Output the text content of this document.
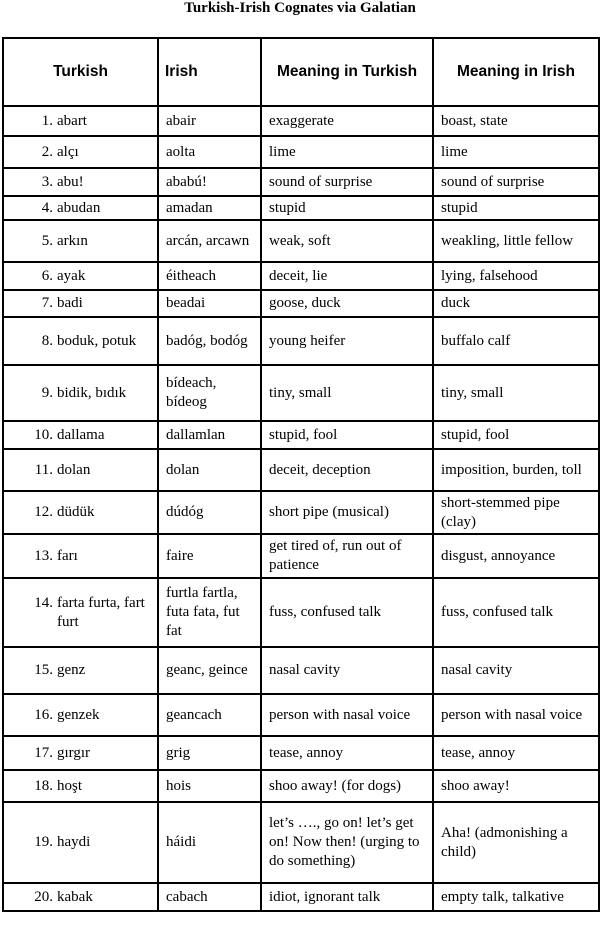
Turkish-Irish Cognates via Galatian
Turkish	Irish	Meaning in Turkish	Meaning in Irish

1. abart	abair	exaggerate	boast, state

2. alçı	aolta	lime	lime

3. abu!	ababú!	sound of surprise	sound of surprise

4. abudan	amadan	stupid	stupid

5. arkın	arcán, arcawn	weak, soft	weakling, little fellow

6. ayak	éitheach	deceit, lie	lying, falsehood

7. badi	beadai	goose, duck	duck

8. boduk, potuk	badóg, bodóg	young heifer	buffalo calf

9. bidik, bıdık	bídeach, bídeog	tiny, small	tiny, small

10. dallama	dallamlan	stupid, fool	stupid, fool

11. dolan	dolan	deceit, deception	imposition, burden, toll

12. düdük	dúdóg	short pipe (musical)	short-stemmed pipe (clay)

13. farı	faire	get tired of, run out of patience	disgust, annoyance

14. farta furta, fart furt	furtla fartla, futa fata, fut fat	fuss, confused talk	fuss, confused talk

15. genz	geanc, geince	nasal cavity	nasal cavity

16. genzek	geancach	person with nasal voice	person with nasal voice

17. gırgır	grig	tease, annoy	tease, annoy

18. hoşt	hois	shoo away! (for dogs)	shoo away!

19. haydi	háidi	let’s …., go on! let’s get on! Now then! (urging to do something)	Aha! (admonishing a child)

20. kabak	cabach	idiot, ignorant talk	empty talk, talkative
